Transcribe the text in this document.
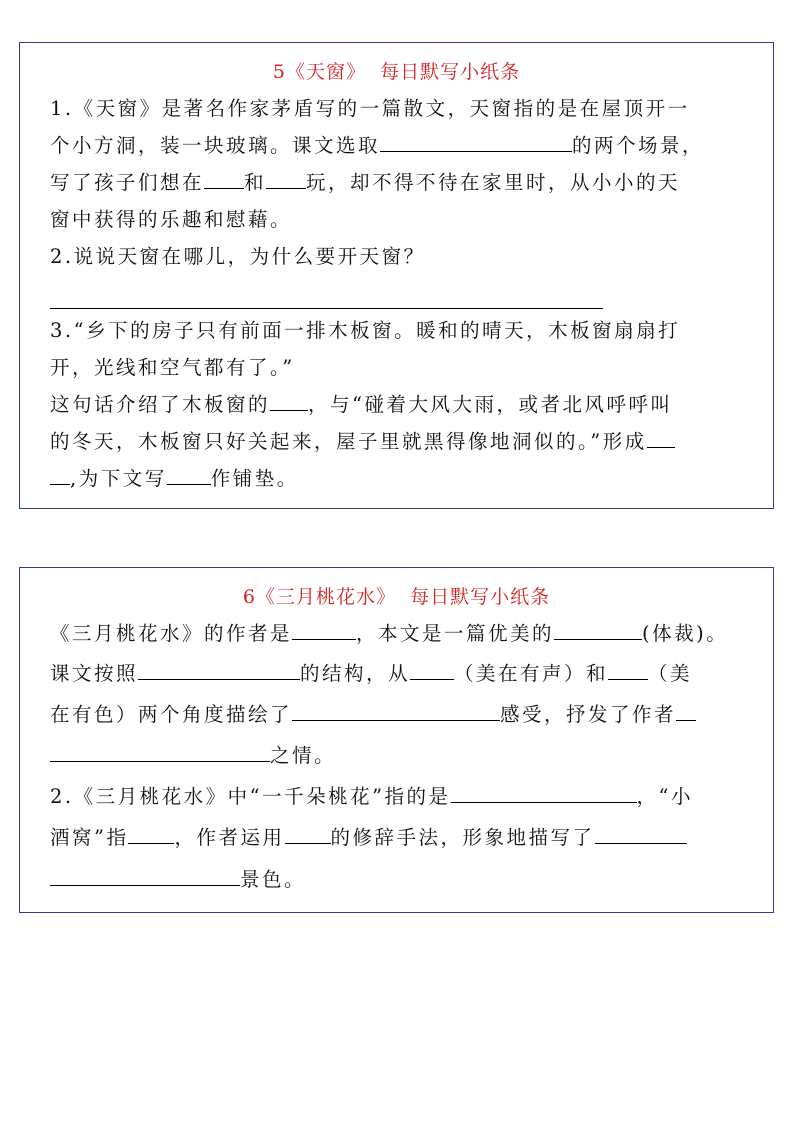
5《天窗》  每日默写小纸条
1.《天窗》是著名作家茅盾写的一篇散文，天窗指的是在屋顶开一
个小方洞，装一块玻璃。课文选取	的两个场景，
写了孩子们想在 和 玩，却不得不待在家里时，从小小的天
窗中获得的乐趣和慰藉。
2.说说天窗在哪儿，为什么要开天窗？
3.“乡下的房子只有前面一排木板窗。暖和的晴天，木板窗扇扇打
开，光线和空气都有了。”
这句话介绍了木板窗的 ，与“碰着大风大雨，或者北风呼呼叫
的冬天，木板窗只好关起来，屋子里就黑得像地洞似的。”形成
,为下文写 作铺垫。
6《三月桃花水》  每日默写小纸条
《三月桃花水》的作者是	，本文是一篇优美的	(体裁)。
课文按照	的结构，从 （美在有声）和 （美
在有色）两个角度描绘了	感受，抒发了作者
之情。
2.《三月桃花水》中“一千朵桃花”指的是	，“小
酒窝”指 ，作者运用 的修辞手法，形象地描写了
景色。
